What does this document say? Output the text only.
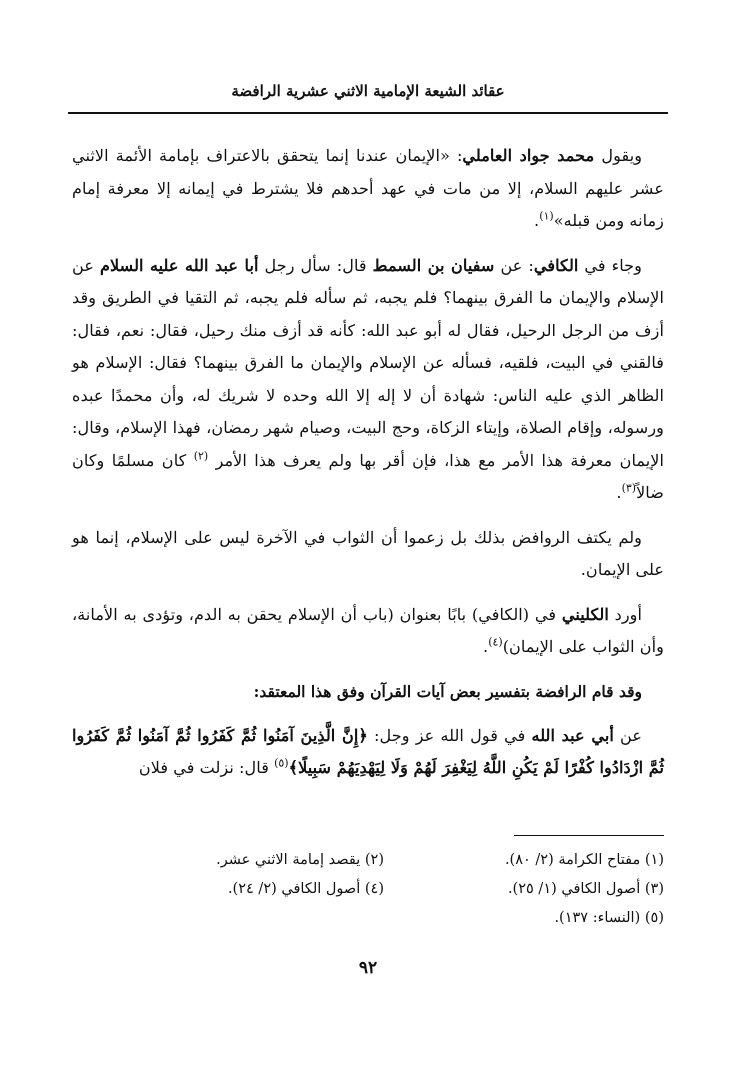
عقائد الشيعة الإمامية الاثني عشرية الرافضة

ويقول محمد جواد العاملي: «الإيمان عندنا إنما يتحقق بالاعتراف بإمامة الأئمة الاثني عشر عليهم السلام، إلا من مات في عهد أحدهم فلا يشترط في إيمانه إلا معرفة إمام زمانه ومن قبله»$^{(١)}$.

وجاء في الكافي: عن سفيان بن السمط قال: سأل رجل أبا عبد الله عليه السلام عن الإسلام والإيمان ما الفرق بينهما؟ فلم يجبه، ثم سأله فلم يجبه، ثم التقيا في الطريق وقد أزف من الرجل الرحيل، فقال له أبو عبد الله: كأنه قد أزف منك رحيل، فقال: نعم، فقال: فالقني في البيت، فلقيه، فسأله عن الإسلام والإيمان ما الفرق بينهما؟ فقال: الإسلام هو الظاهر الذي عليه الناس: شهادة أن لا إله إلا الله وحده لا شريك له، وأن محمدًا عبده ورسوله، وإقام الصلاة، وإيتاء الزكاة، وحج البيت، وصيام شهر رمضان، فهذا الإسلام، وقال: الإيمان معرفة هذا الأمر مع هذا، فإن أقر بها ولم يعرف هذا الأمر $^{(٢)}$ كان مسلمًا وكان ضالاً$^{(٣)}$.

ولم يكتف الروافض بذلك بل زعموا أن الثواب في الآخرة ليس على الإسلام، إنما هو على الإيمان.

أورد الكليني في (الكافي) بابًا بعنوان (باب أن الإسلام يحقن به الدم، وتؤدى به الأمانة، وأن الثواب على الإيمان)$^{(٤)}$.

وقد قام الرافضة بتفسير بعض آيات القرآن وفق هذا المعتقد:

عن أبي عبد الله في قول الله عز وجل: ﴿إِنَّ الَّذِينَ آمَنُوا ثُمَّ كَفَرُوا ثُمَّ آمَنُوا ثُمَّ كَفَرُوا ثُمَّ ازْدَادُوا كُفْرًا لَمْ يَكُنِ اللَّهُ لِيَغْفِرَ لَهُمْ وَلَا لِيَهْدِيَهُمْ سَبِيلًا﴾$^{(٥)}$ قال: نزلت في فلان

(١) مفتاح الكرامة (٢/ ٨٠).
(٢) يقصد إمامة الاثني عشر.
(٣) أصول الكافي (١/ ٢٥).
(٤) أصول الكافي (٢/ ٢٤).
(٥) (النساء: ١٣٧).
٩٢
